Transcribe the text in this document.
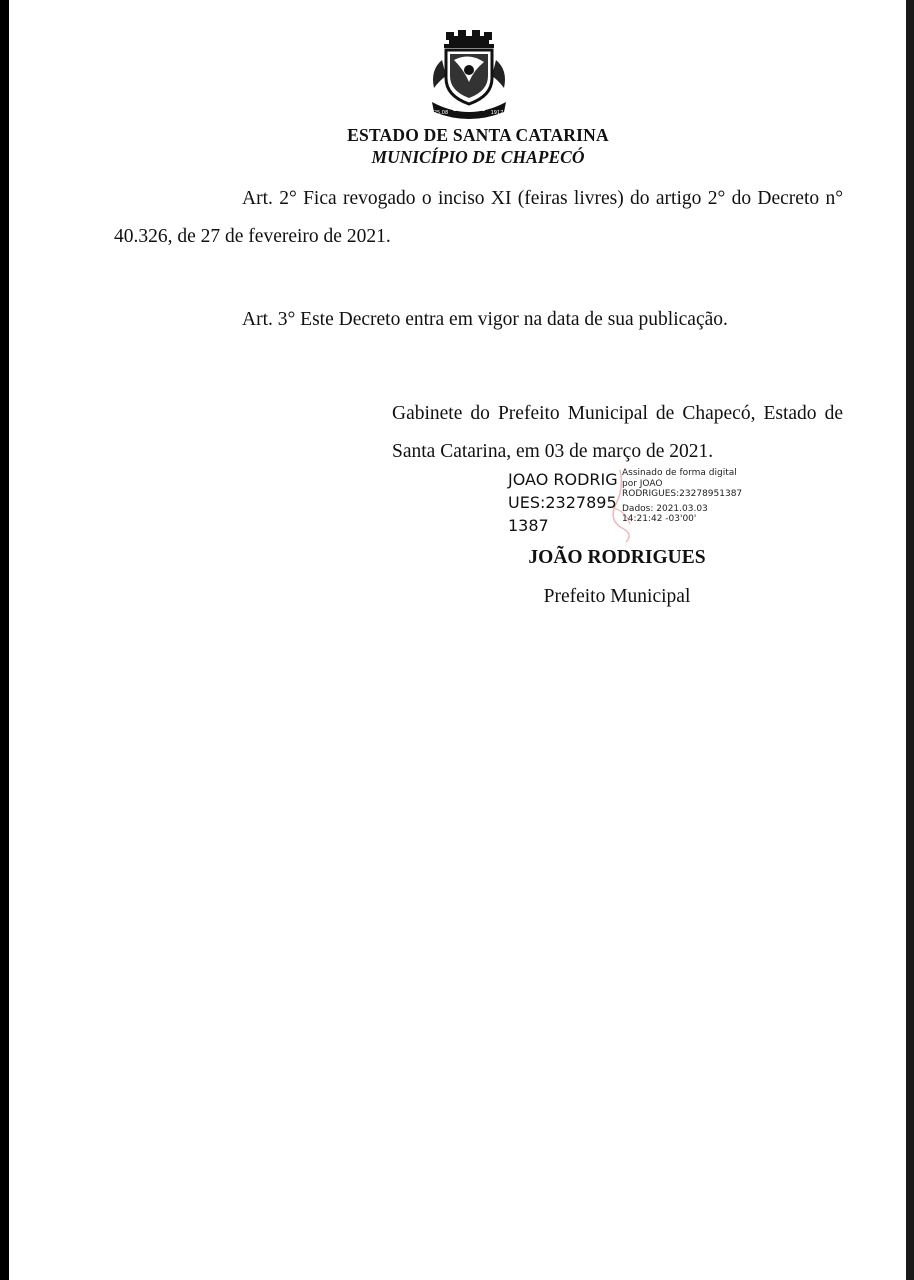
CHAPECÓ
25.08	1917
ESTADO DE SANTA CATARINA
MUNICÍPIO DE CHAPECÓ

Art. 2° Fica revogado o inciso XI (feiras livres) do artigo 2° do Decreto n° 40.326, de 27 de fevereiro de 2021.

Art. 3° Este Decreto entra em vigor na data de sua publicação.

Gabinete do Prefeito Municipal de Chapecó, Estado de Santa Catarina, em 03 de março de 2021.

JOAO RODRIGUES:23278951387
Assinado de forma digital
por JOAO
RODRIGUES:23278951387
Dados: 2021.03.03
14:21:42 -03'00'
JOÃO RODRIGUES
Prefeito Municipal
